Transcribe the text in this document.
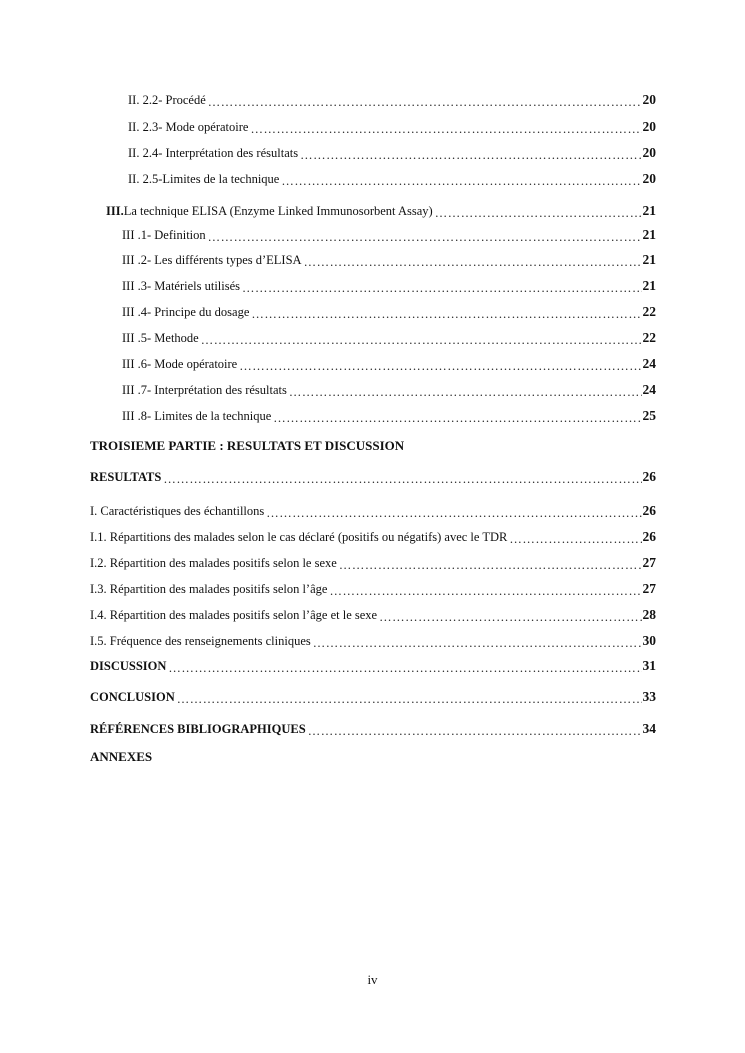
II. 2.2- Procédé …………………………………………………………………………………………………………………………………………………………………………………………………………………………………………………………	20
II. 2.3- Mode opératoire …………………………………………………………………………………………………………………………………………………………………………………………………………………………………………………………	20
II. 2.4- Interprétation des résultats …………………………………………………………………………………………………………………………………………………………………………………………………………………………………………………………	20
II. 2.5-Limites de la technique …………………………………………………………………………………………………………………………………………………………………………………………………………………………………………………………	20
III. La technique ELISA (Enzyme Linked Immunosorbent Assay) …………………………………………………………………………………………………………………………………………………………………………………………………………………………………………………………	21
III .1- Definition …………………………………………………………………………………………………………………………………………………………………………………………………………………………………………………………	21
III .2- Les différents types d’ELISA …………………………………………………………………………………………………………………………………………………………………………………………………………………………………………………………	21
III .3- Matériels utilisés …………………………………………………………………………………………………………………………………………………………………………………………………………………………………………………………	21
III .4- Principe du dosage …………………………………………………………………………………………………………………………………………………………………………………………………………………………………………………………	22
III .5- Methode …………………………………………………………………………………………………………………………………………………………………………………………………………………………………………………………	22
III .6- Mode opératoire …………………………………………………………………………………………………………………………………………………………………………………………………………………………………………………………	24
III .7- Interprétation des résultats …………………………………………………………………………………………………………………………………………………………………………………………………………………………………………………………	24
III .8- Limites de la technique …………………………………………………………………………………………………………………………………………………………………………………………………………………………………………………………	25
TROISIEME PARTIE : RESULTATS ET DISCUSSION
RESULTATS …………………………………………………………………………………………………………………………………………………………………………………………………………………………………………………………	26
I. Caractéristiques des échantillons …………………………………………………………………………………………………………………………………………………………………………………………………………………………………………………………	26
I.1. Répartitions des malades selon le cas déclaré (positifs ou négatifs) avec le TDR …………………………………………………………………………………………………………………………………………………………………………………………………………………………………………………………	26
I.2. Répartition des malades positifs selon le sexe …………………………………………………………………………………………………………………………………………………………………………………………………………………………………………………………	27
I.3. Répartition des malades positifs selon l’âge …………………………………………………………………………………………………………………………………………………………………………………………………………………………………………………………	27
I.4. Répartition des malades positifs selon l’âge et le sexe …………………………………………………………………………………………………………………………………………………………………………………………………………………………………………………………	28
I.5. Fréquence des renseignements cliniques …………………………………………………………………………………………………………………………………………………………………………………………………………………………………………………………	30
DISCUSSION …………………………………………………………………………………………………………………………………………………………………………………………………………………………………………………………	31
CONCLUSION …………………………………………………………………………………………………………………………………………………………………………………………………………………………………………………………	33
RÉFÉRENCES BIBLIOGRAPHIQUES …………………………………………………………………………………………………………………………………………………………………………………………………………………………………………………………	34
ANNEXES
iv
